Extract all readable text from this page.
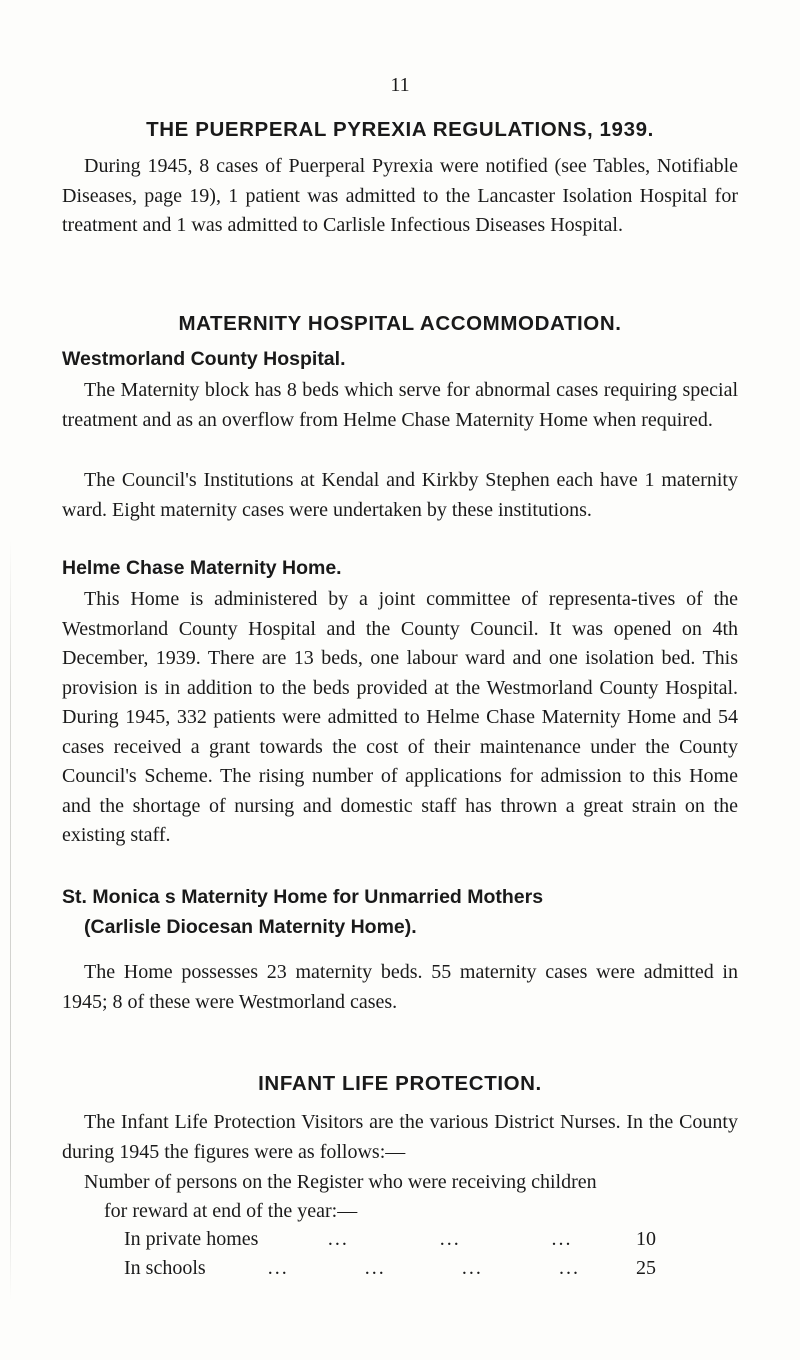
11
THE PUERPERAL PYREXIA REGULATIONS, 1939.
During 1945, 8 cases of Puerperal Pyrexia were notified (see Tables, Notifiable Diseases, page 19), 1 patient was admitted to the Lancaster Isolation Hospital for treatment and 1 was admitted to Carlisle Infectious Diseases Hospital.
MATERNITY HOSPITAL ACCOMMODATION.
Westmorland County Hospital.
The Maternity block has 8 beds which serve for abnormal cases requiring special treatment and as an overflow from Helme Chase Maternity Home when required.
The Council's Institutions at Kendal and Kirkby Stephen each have 1 maternity ward. Eight maternity cases were undertaken by these institutions.
Helme Chase Maternity Home.
This Home is administered by a joint committee of representa-tives of the Westmorland County Hospital and the County Council. It was opened on 4th December, 1939. There are 13 beds, one labour ward and one isolation bed. This provision is in addition to the beds provided at the Westmorland County Hospital. During 1945, 332 patients were admitted to Helme Chase Maternity Home and 54 cases received a grant towards the cost of their maintenance under the County Council's Scheme. The rising number of applications for admission to this Home and the shortage of nursing and domestic staff has thrown a great strain on the existing staff.
St. Monica s Maternity Home for Unmarried Mothers
(Carlisle Diocesan Maternity Home).
The Home possesses 23 maternity beds. 55 maternity cases were admitted in 1945; 8 of these were Westmorland cases.
INFANT LIFE PROTECTION.
The Infant Life Protection Visitors are the various District Nurses. In the County during 1945 the figures were as follows:—
Number of persons on the Register who were receiving children
for reward at end of the year:—
In private homes	...	...	...	10
In schools	...	...	...	...	25
